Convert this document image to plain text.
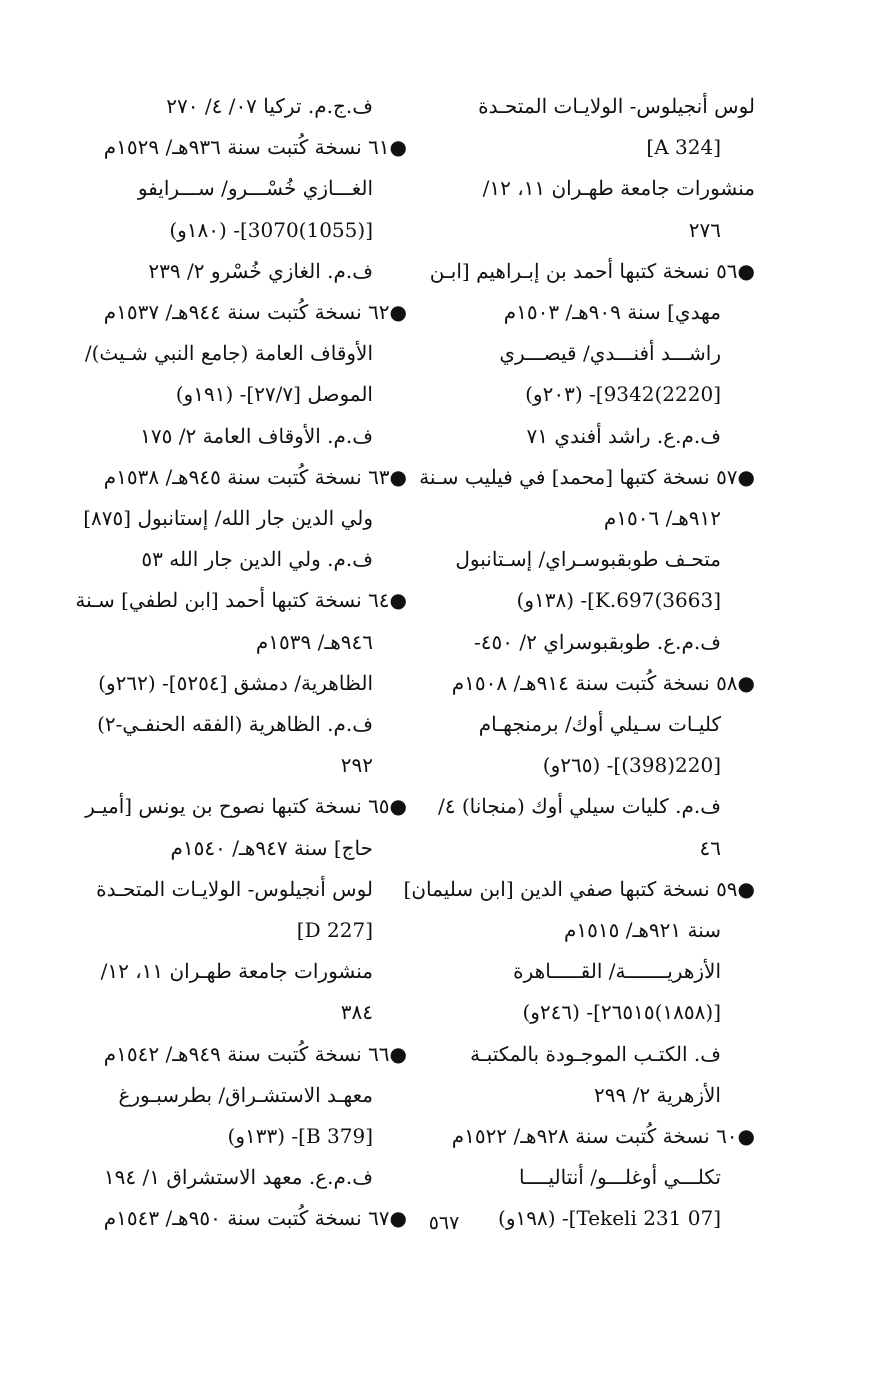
لوس أنجيلوس- الولايـات المتحـدة
[A 324]
منشورات جامعة طهـران ١١، ١٢/
٢٧٦
●٥٦ نسخة كتبها أحمد بن إبـراهيم [ابـن
مهدي] سنة ٩٠٩هـ/ ١٥٠٣م
راشـــد أفنـــدي/ قيصـــري
[2220)9342]- (٢٠٣و)
ف.م.ع. راشد أفندي ٧١
●٥٧ نسخة كتبها [محمد] في فيليب سـنة
٩١٢هـ/ ١٥٠٦م
متحـف طوبقبوسـراي/ إسـتانبول
[3663)K.697]- (١٣٨و)
ف.م.ع. طوبقبوسراي ٢/ ٤٥٠-
●٥٨ نسخة كُتبت سنة ٩١٤هـ/ ١٥٠٨م
كليـات سـيلي أوك/ برمنجهـام
[220(398)]- (٢٦٥و)
ف.م. كليات سيلي أوك (منجانا) ٤/
٤٦
●٥٩ نسخة كتبها صفي الدين [ابن سليمان]
سنة ٩٢١هـ/ ١٥١٥م
الأزهريـــــــة/ القـــــاهرة
[(١٨٥٨)٢٦٥١٥]- (٢٤٦و)
ف. الكتـب الموجـودة بالمكتبـة
الأزهرية ٢/ ٢٩٩
●٦٠ نسخة كُتبت سنة ٩٢٨هـ/ ١٥٢٢م
تكلـــي أوغلـــو/ أنتاليــــا
[07 Tekeli 231]- (١٩٨و)
ف.ج.م. تركيا ٠٧/ ٤/ ٢٧٠
●٦١ نسخة كُتبت سنة ٩٣٦هـ/ ١٥٢٩م
الغـــازي خُسْـــرو/ ســـرايفو
[(1055)3070]- (١٨٠و)
ف.م. الغازي خُسْرو ٢/ ٢٣٩
●٦٢ نسخة كُتبت سنة ٩٤٤هـ/ ١٥٣٧م
الأوقاف العامة (جامع النبي شـيث)/
الموصل [٢٧/٧]- (١٩١و)
ف.م. الأوقاف العامة ٢/ ١٧٥
●٦٣ نسخة كُتبت سنة ٩٤٥هـ/ ١٥٣٨م
ولي الدين جار الله/ إستانبول [٨٧٥]
ف.م. ولي الدين جار الله ٥٣
●٦٤ نسخة كتبها أحمد [ابن لطفي] سـنة
٩٤٦هـ/ ١٥٣٩م
الظاهرية/ دمشق [٥٢٥٤]- (٢٦٢و)
ف.م. الظاهرية (الفقه الحنفـي-٢)
٢٩٢
●٦٥ نسخة كتبها نصوح بن يونس [أميـر
حاج] سنة ٩٤٧هـ/ ١٥٤٠م
لوس أنجيلوس- الولايـات المتحـدة
[D 227]
منشورات جامعة طهـران ١١، ١٢/
٣٨٤
●٦٦ نسخة كُتبت سنة ٩٤٩هـ/ ١٥٤٢م
معهـد الاستشـراق/ بطرسبـورغ
[B 379]- (١٣٣و)
ف.م.ع. معهد الاستشراق ١/ ١٩٤
●٦٧ نسخة كُتبت سنة ٩٥٠هـ/ ١٥٤٣م	٥٦٧
